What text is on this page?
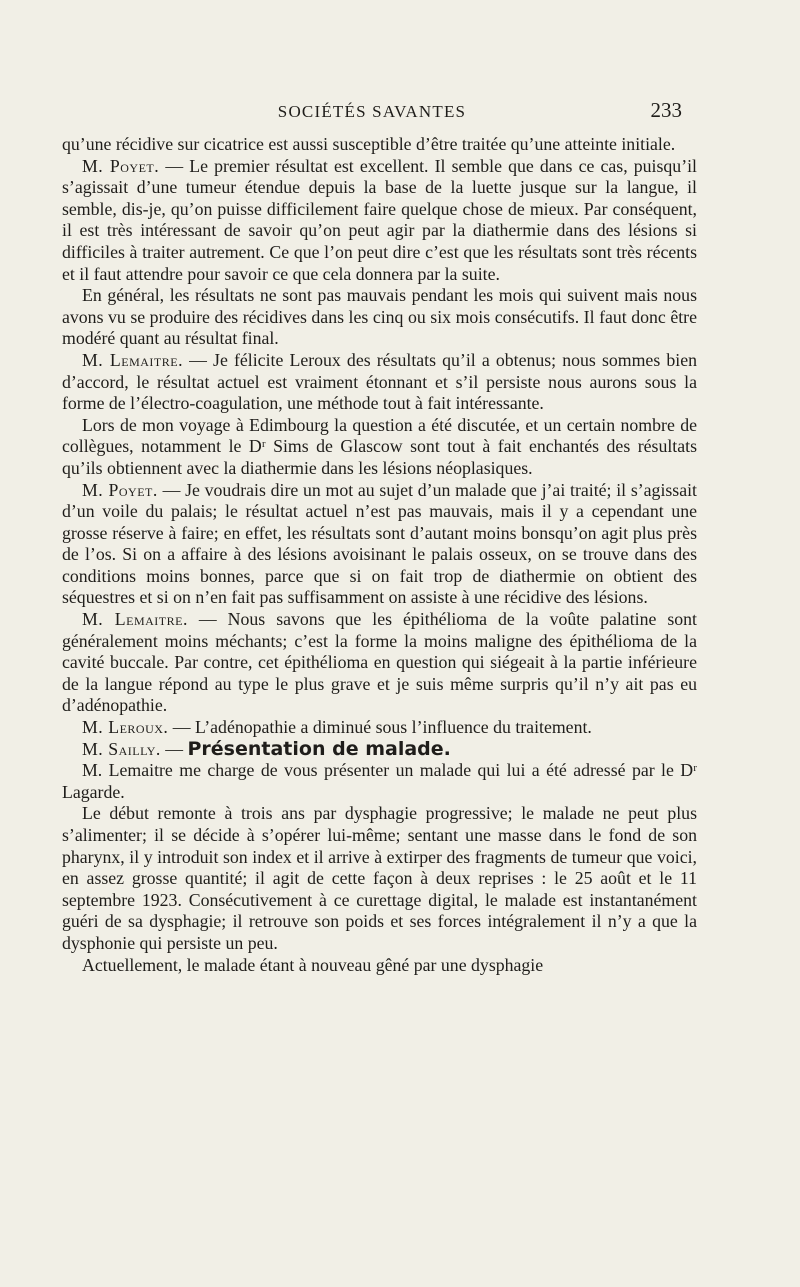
SOCIÉTÉS SAVANTES	233

qu’une récidive sur cicatrice est aussi susceptible d’être traitée qu’une atteinte initiale.

M. Poyet. — Le premier résultat est excellent. Il semble que dans ce cas, puisqu’il s’agissait d’une tumeur étendue depuis la base de la luette jusque sur la langue, il semble, dis-je, qu’on puisse difficilement faire quelque chose de mieux. Par conséquent, il est très intéressant de savoir qu’on peut agir par la diathermie dans des lésions si difficiles à traiter autrement. Ce que l’on peut dire c’est que les résultats sont très récents et il faut attendre pour savoir ce que cela donnera par la suite.

En général, les résultats ne sont pas mauvais pendant les mois qui suivent mais nous avons vu se produire des récidives dans les cinq ou six mois consécutifs. Il faut donc être modéré quant au résultat final.

M. Lemaitre. — Je félicite Leroux des résultats qu’il a obtenus; nous sommes bien d’accord, le résultat actuel est vraiment étonnant et s’il persiste nous aurons sous la forme de l’électro-coagulation, une méthode tout à fait intéressante.

Lors de mon voyage à Edimbourg la question a été discutée, et un certain nombre de collègues, notamment le Dʳ Sims de Glascow sont tout à fait enchantés des résultats qu’ils obtiennent avec la diathermie dans les lésions néoplasiques.

M. Poyet. — Je voudrais dire un mot au sujet d’un malade que j’ai traité; il s’agissait d’un voile du palais; le résultat actuel n’est pas mauvais, mais il y a cependant une grosse réserve à faire; en effet, les résultats sont d’autant moins bonsqu’on agit plus près de l’os. Si on a affaire à des lésions avoisinant le palais osseux, on se trouve dans des conditions moins bonnes, parce que si on fait trop de diathermie on obtient des séquestres et si on n’en fait pas suffisamment on assiste à une récidive des lésions.

M. Lemaitre. — Nous savons que les épithélioma de la voûte palatine sont généralement moins méchants; c’est la forme la moins maligne des épithélioma de la cavité buccale. Par contre, cet épithélioma en question qui siégeait à la partie inférieure de la langue répond au type le plus grave et je suis même surpris qu’il n’y ait pas eu d’adénopathie.

M. Leroux. — L’adénopathie a diminué sous l’influence du traitement.

M. Sailly. — Présentation de malade.

M. Lemaitre me charge de vous présenter un malade qui lui a été adressé par le Dʳ Lagarde.

Le début remonte à trois ans par dysphagie progressive; le malade ne peut plus s’alimenter; il se décide à s’opérer lui-même; sentant une masse dans le fond de son pharynx, il y introduit son index et il arrive à extirper des fragments de tumeur que voici, en assez grosse quantité; il agit de cette façon à deux reprises : le 25 août et le 11 septembre 1923. Consécutivement à ce curettage digital, le malade est instantanément guéri de sa dysphagie; il retrouve son poids et ses forces intégralement il n’y a que la dysphonie qui persiste un peu.

Actuellement, le malade étant à nouveau gêné par une dysphagie
